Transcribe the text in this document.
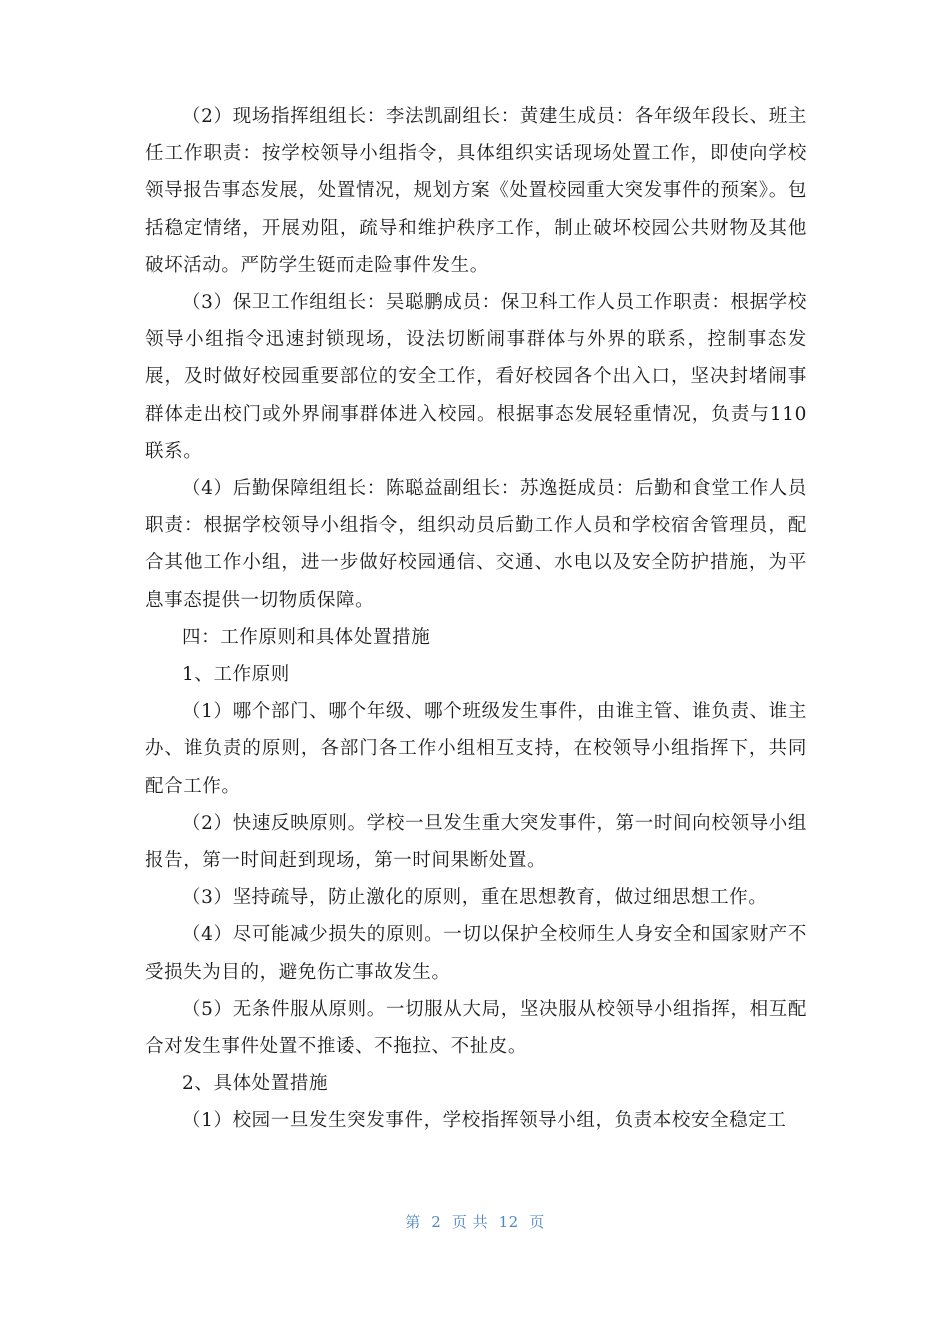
（2）现场指挥组组长：李法凯副组长：黄建生成员：各年级年段长、班主任工作职责：按学校领导小组指令，具体组织实话现场处置工作，即使向学校领导报告事态发展，处置情况，规划方案《处置校园重大突发事件的预案》。包括稳定情绪，开展劝阻，疏导和维护秩序工作，制止破坏校园公共财物及其他破坏活动。严防学生铤而走险事件发生。

（3）保卫工作组组长：吴聪鹏成员：保卫科工作人员工作职责：根据学校领导小组指令迅速封锁现场，设法切断闹事群体与外界的联系，控制事态发展，及时做好校园重要部位的安全工作，看好校园各个出入口，坚决封堵闹事群体走出校门或外界闹事群体进入校园。根据事态发展轻重情况，负责与110联系。

（4）后勤保障组组长：陈聪益副组长：苏逸挺成员：后勤和食堂工作人员职责：根据学校领导小组指令，组织动员后勤工作人员和学校宿舍管理员，配合其他工作小组，进一步做好校园通信、交通、水电以及安全防护措施，为平息事态提供一切物质保障。

四：工作原则和具体处置措施

1、工作原则

（1）哪个部门、哪个年级、哪个班级发生事件，由谁主管、谁负责、谁主办、谁负责的原则，各部门各工作小组相互支持，在校领导小组指挥下，共同配合工作。

（2）快速反映原则。学校一旦发生重大突发事件，第一时间向校领导小组报告，第一时间赶到现场，第一时间果断处置。

（3）坚持疏导，防止激化的原则，重在思想教育，做过细思想工作。

（4）尽可能减少损失的原则。一切以保护全校师生人身安全和国家财产不受损失为目的，避免伤亡事故发生。

（5）无条件服从原则。一切服从大局，坚决服从校领导小组指挥，相互配合对发生事件处置不推诿、不拖拉、不扯皮。

2、具体处置措施

（1）校园一旦发生突发事件，学校指挥领导小组，负责本校安全稳定工

第  2  页 共  12  页
